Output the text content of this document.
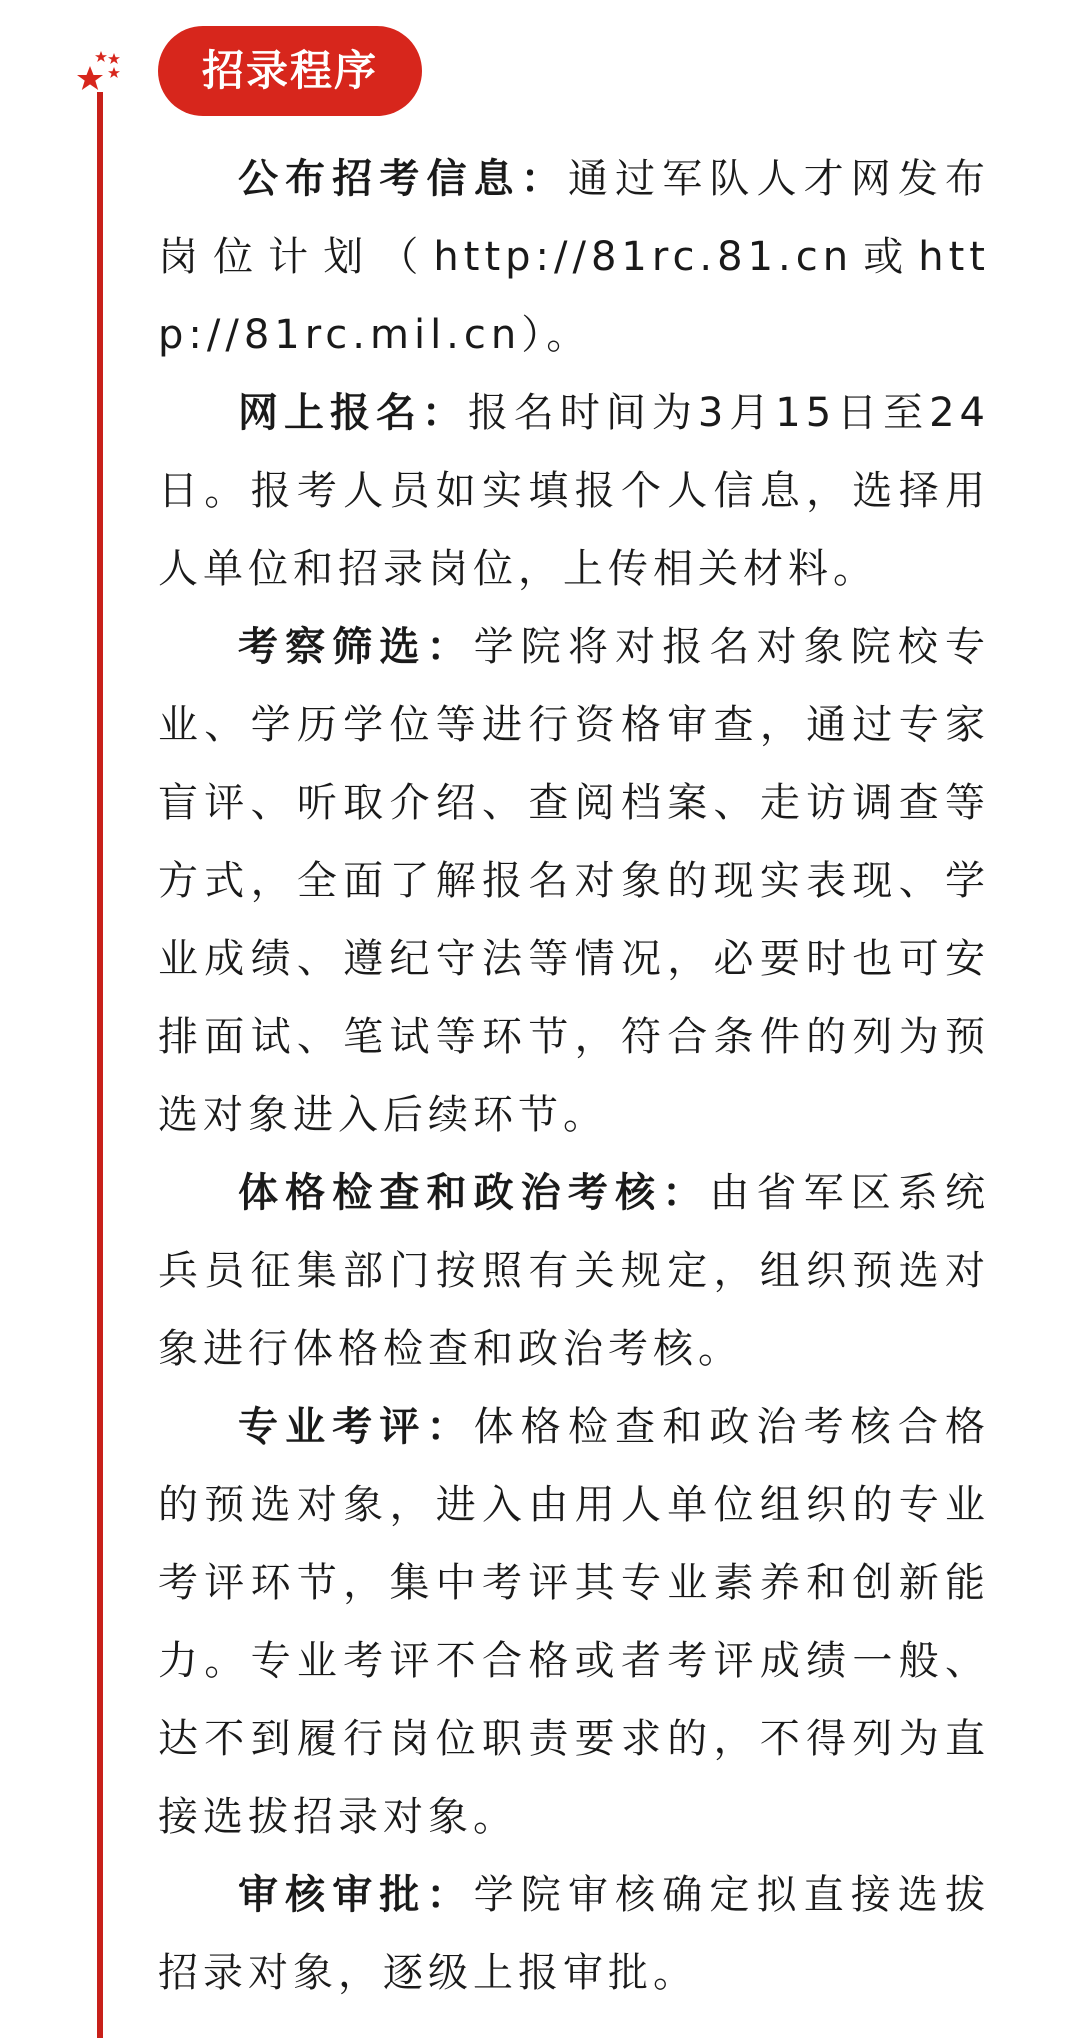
招录程序

公布招考信息：通过军队人才网发布岗位计划（http://81rc.81.cn或http://81rc.mil.cn）。

网上报名：报名时间为3月15日至24日。报考人员如实填报个人信息，选择用人单位和招录岗位，上传相关材料。

考察筛选：学院将对报名对象院校专业、学历学位等进行资格审查，通过专家盲评、听取介绍、查阅档案、走访调查等方式，全面了解报名对象的现实表现、学业成绩、遵纪守法等情况，必要时也可安排面试、笔试等环节，符合条件的列为预选对象进入后续环节。

体格检查和政治考核：由省军区系统兵员征集部门按照有关规定，组织预选对象进行体格检查和政治考核。

专业考评：体格检查和政治考核合格的预选对象，进入由用人单位组织的专业考评环节，集中考评其专业素养和创新能力。专业考评不合格或者考评成绩一般、达不到履行岗位职责要求的，不得列为直接选拔招录对象。

审核审批：学院审核确定拟直接选拔招录对象，逐级上报审批。
